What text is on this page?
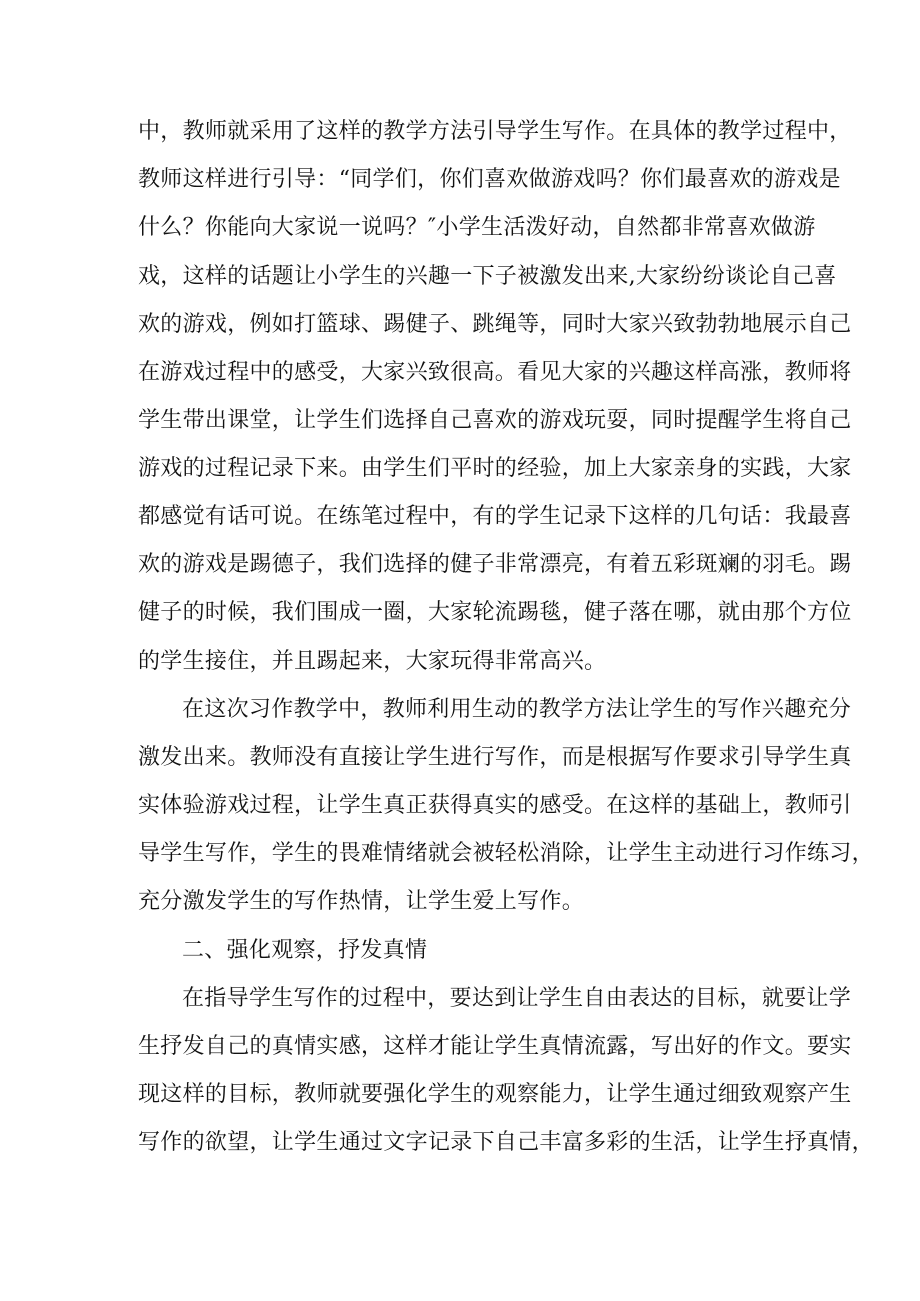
中，教师就采用了这样的教学方法引导学生写作。在具体的教学过程中，
教师这样进行引导：“同学们，你们喜欢做游戏吗？你们最喜欢的游戏是
什么？你能向大家说一说吗？″小学生活泼好动，自然都非常喜欢做游
戏，这样的话题让小学生的兴趣一下子被激发出来,大家纷纷谈论自己喜
欢的游戏，例如打篮球、踢健子、跳绳等，同时大家兴致勃勃地展示自己
在游戏过程中的感受，大家兴致很高。看见大家的兴趣这样高涨，教师将
学生带出课堂，让学生们选择自己喜欢的游戏玩耍，同时提醒学生将自己
游戏的过程记录下来。由学生们平时的经验，加上大家亲身的实践，大家
都感觉有话可说。在练笔过程中，有的学生记录下这样的几句话：我最喜
欢的游戏是踢德子，我们选择的健子非常漂亮，有着五彩斑斓的羽毛。踢
健子的时候，我们围成一圈，大家轮流踢毯，健子落在哪，就由那个方位
的学生接住，并且踢起来，大家玩得非常高兴。
在这次习作教学中，教师利用生动的教学方法让学生的写作兴趣充分
激发出来。教师没有直接让学生进行写作，而是根据写作要求引导学生真
实体验游戏过程，让学生真正获得真实的感受。在这样的基础上，教师引
导学生写作，学生的畏难情绪就会被轻松消除，让学生主动进行习作练习，
充分激发学生的写作热情，让学生爱上写作。
二、强化观察，抒发真情
在指导学生写作的过程中，要达到让学生自由表达的目标，就要让学
生抒发自己的真情实感，这样才能让学生真情流露，写出好的作文。要实
现这样的目标，教师就要强化学生的观察能力，让学生通过细致观察产生
写作的欲望，让学生通过文字记录下自己丰富多彩的生活，让学生抒真情，
